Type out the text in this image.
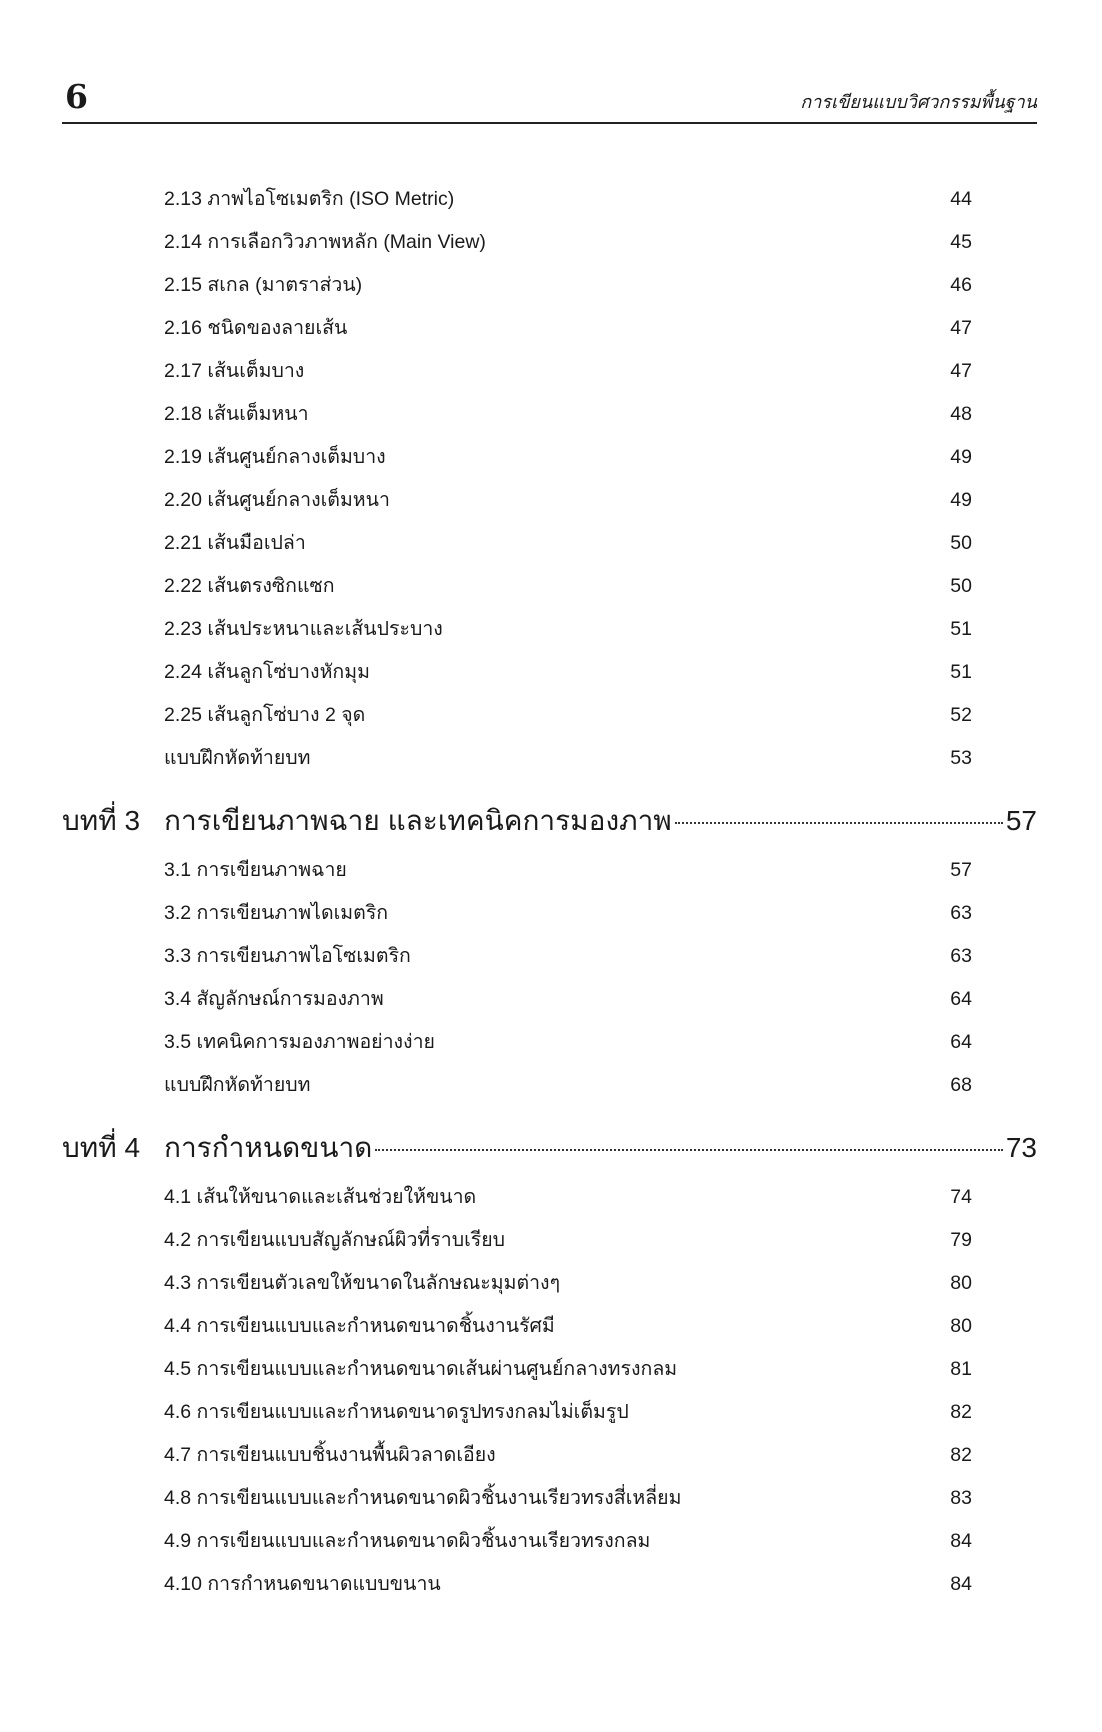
6	การเขียนแบบวิศวกรรมพื้นฐาน
2.13 ภาพไอโซเมตริก (ISO Metric)	44
2.14 การเลือกวิวภาพหลัก (Main View)	45
2.15 สเกล (มาตราส่วน)	46
2.16 ชนิดของลายเส้น	47
2.17 เส้นเต็มบาง	47
2.18 เส้นเต็มหนา	48
2.19 เส้นศูนย์กลางเต็มบาง	49
2.20 เส้นศูนย์กลางเต็มหนา	49
2.21 เส้นมือเปล่า	50
2.22 เส้นตรงซิกแซก	50
2.23 เส้นประหนาและเส้นประบาง	51
2.24 เส้นลูกโซ่บางหักมุม	51
2.25 เส้นลูกโซ่บาง 2 จุด	52
แบบฝึกหัดท้ายบท	53
บทที่ 3 การเขียนภาพฉาย และเทคนิคการมองภาพ	57
3.1 การเขียนภาพฉาย	57
3.2 การเขียนภาพไดเมตริก	63
3.3 การเขียนภาพไอโซเมตริก	63
3.4 สัญลักษณ์การมองภาพ	64
3.5 เทคนิคการมองภาพอย่างง่าย	64
แบบฝึกหัดท้ายบท	68
บทที่ 4 การกำหนดขนาด	73
4.1 เส้นให้ขนาดและเส้นช่วยให้ขนาด	74
4.2 การเขียนแบบสัญลักษณ์ผิวที่ราบเรียบ	79
4.3 การเขียนตัวเลขให้ขนาดในลักษณะมุมต่างๆ	80
4.4 การเขียนแบบและกำหนดขนาดชิ้นงานรัศมี	80
4.5 การเขียนแบบและกำหนดขนาดเส้นผ่านศูนย์กลางทรงกลม	81
4.6 การเขียนแบบและกำหนดขนาดรูปทรงกลมไม่เต็มรูป	82
4.7 การเขียนแบบชิ้นงานพื้นผิวลาดเอียง	82
4.8 การเขียนแบบและกำหนดขนาดผิวชิ้นงานเรียวทรงสี่เหลี่ยม	83
4.9 การเขียนแบบและกำหนดขนาดผิวชิ้นงานเรียวทรงกลม	84
4.10 การกำหนดขนาดแบบขนาน	84
